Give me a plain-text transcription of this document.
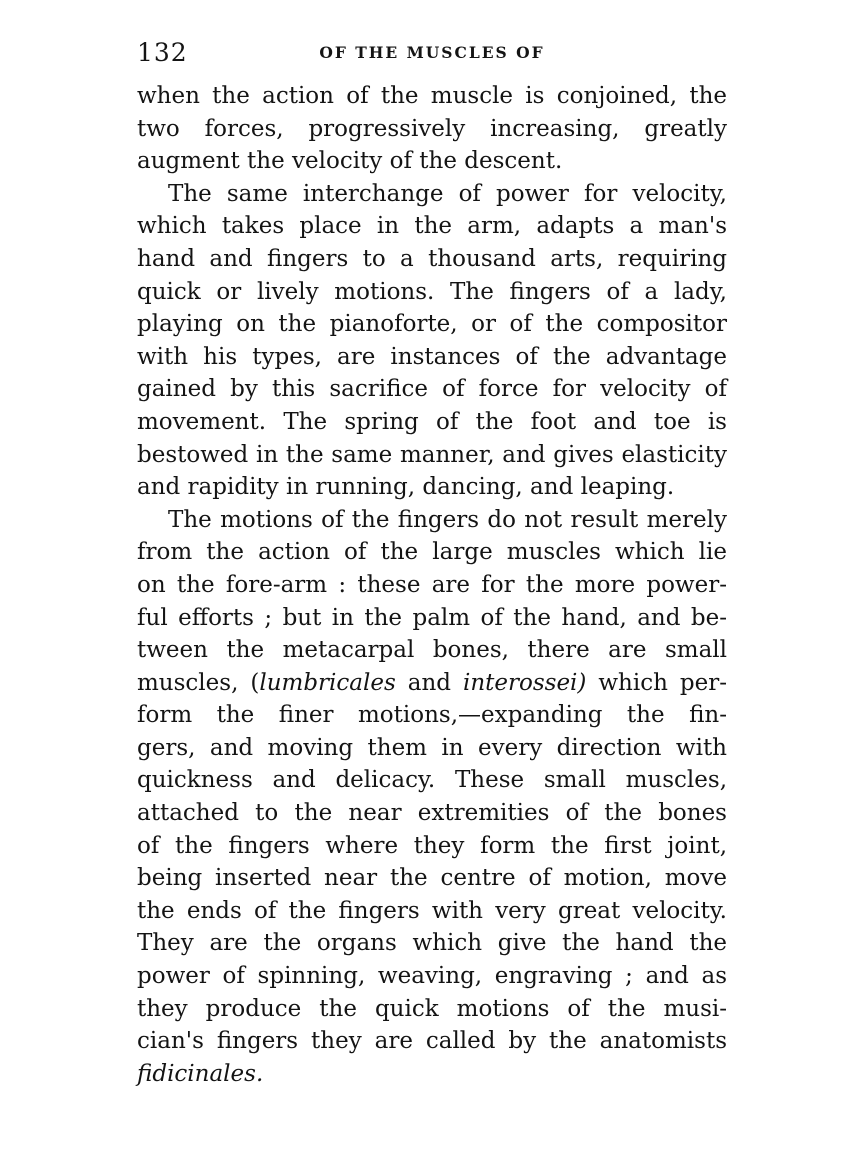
132	OF THE MUSCLES OF
when the action of the muscle is conjoined, the
two forces, progressively increasing, greatly
augment the velocity of the descent.
The same interchange of power for velocity,
which takes place in the arm, adapts a man's
hand and fingers to a thousand arts, requiring
quick or lively motions. The fingers of a lady,
playing on the pianoforte, or of the compositor
with his types, are instances of the advantage
gained by this sacrifice of force for velocity of
movement. The spring of the foot and toe is
bestowed in the same manner, and gives elasticity
and rapidity in running, dancing, and leaping.
The motions of the fingers do not result merely
from the action of the large muscles which lie
on the fore-arm : these are for the more power-
ful efforts ; but in the palm of the hand, and be-
tween the metacarpal bones, there are small
muscles, (lumbricales and interossei) which per-
form the finer motions,—expanding the fin-
gers, and moving them in every direction with
quickness and delicacy. These small muscles,
attached to the near extremities of the bones
of the fingers where they form the first joint,
being inserted near the centre of motion, move
the ends of the fingers with very great velocity.
They are the organs which give the hand the
power of spinning, weaving, engraving ; and as
they produce the quick motions of the musi-
cian's fingers they are called by the anatomists
fidicinales.
